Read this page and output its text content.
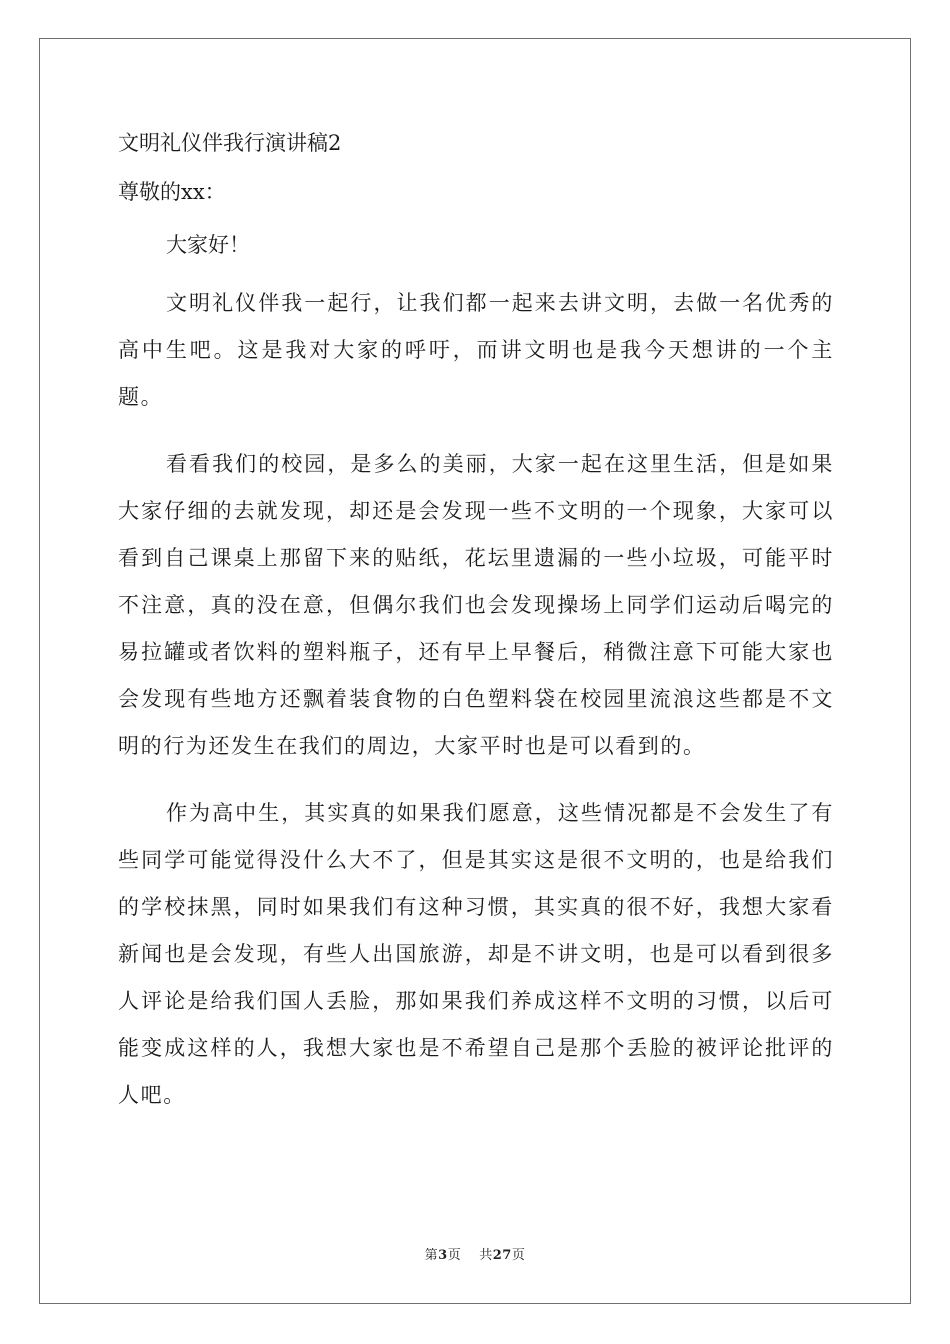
文明礼仪伴我行演讲稿2

尊敬的xx：

大家好！

文明礼仪伴我一起行，让我们都一起来去讲文明，去做一名优秀的高中生吧。这是我对大家的呼吁，而讲文明也是我今天想讲的一个主题。

看看我们的校园，是多么的美丽，大家一起在这里生活，但是如果大家仔细的去就发现，却还是会发现一些不文明的一个现象，大家可以看到自己课桌上那留下来的贴纸，花坛里遗漏的一些小垃圾，可能平时不注意，真的没在意，但偶尔我们也会发现操场上同学们运动后喝完的易拉罐或者饮料的塑料瓶子，还有早上早餐后，稍微注意下可能大家也会发现有些地方还飘着装食物的白色塑料袋在校园里流浪这些都是不文明的行为还发生在我们的周边，大家平时也是可以看到的。

作为高中生，其实真的如果我们愿意，这些情况都是不会发生了有些同学可能觉得没什么大不了，但是其实这是很不文明的，也是给我们的学校抹黑，同时如果我们有这种习惯，其实真的很不好，我想大家看新闻也是会发现，有些人出国旅游，却是不讲文明，也是可以看到很多人评论是给我们国人丢脸，那如果我们养成这样不文明的习惯，以后可能变成这样的人，我想大家也是不希望自己是那个丢脸的被评论批评的人吧。

第3页 共27页
